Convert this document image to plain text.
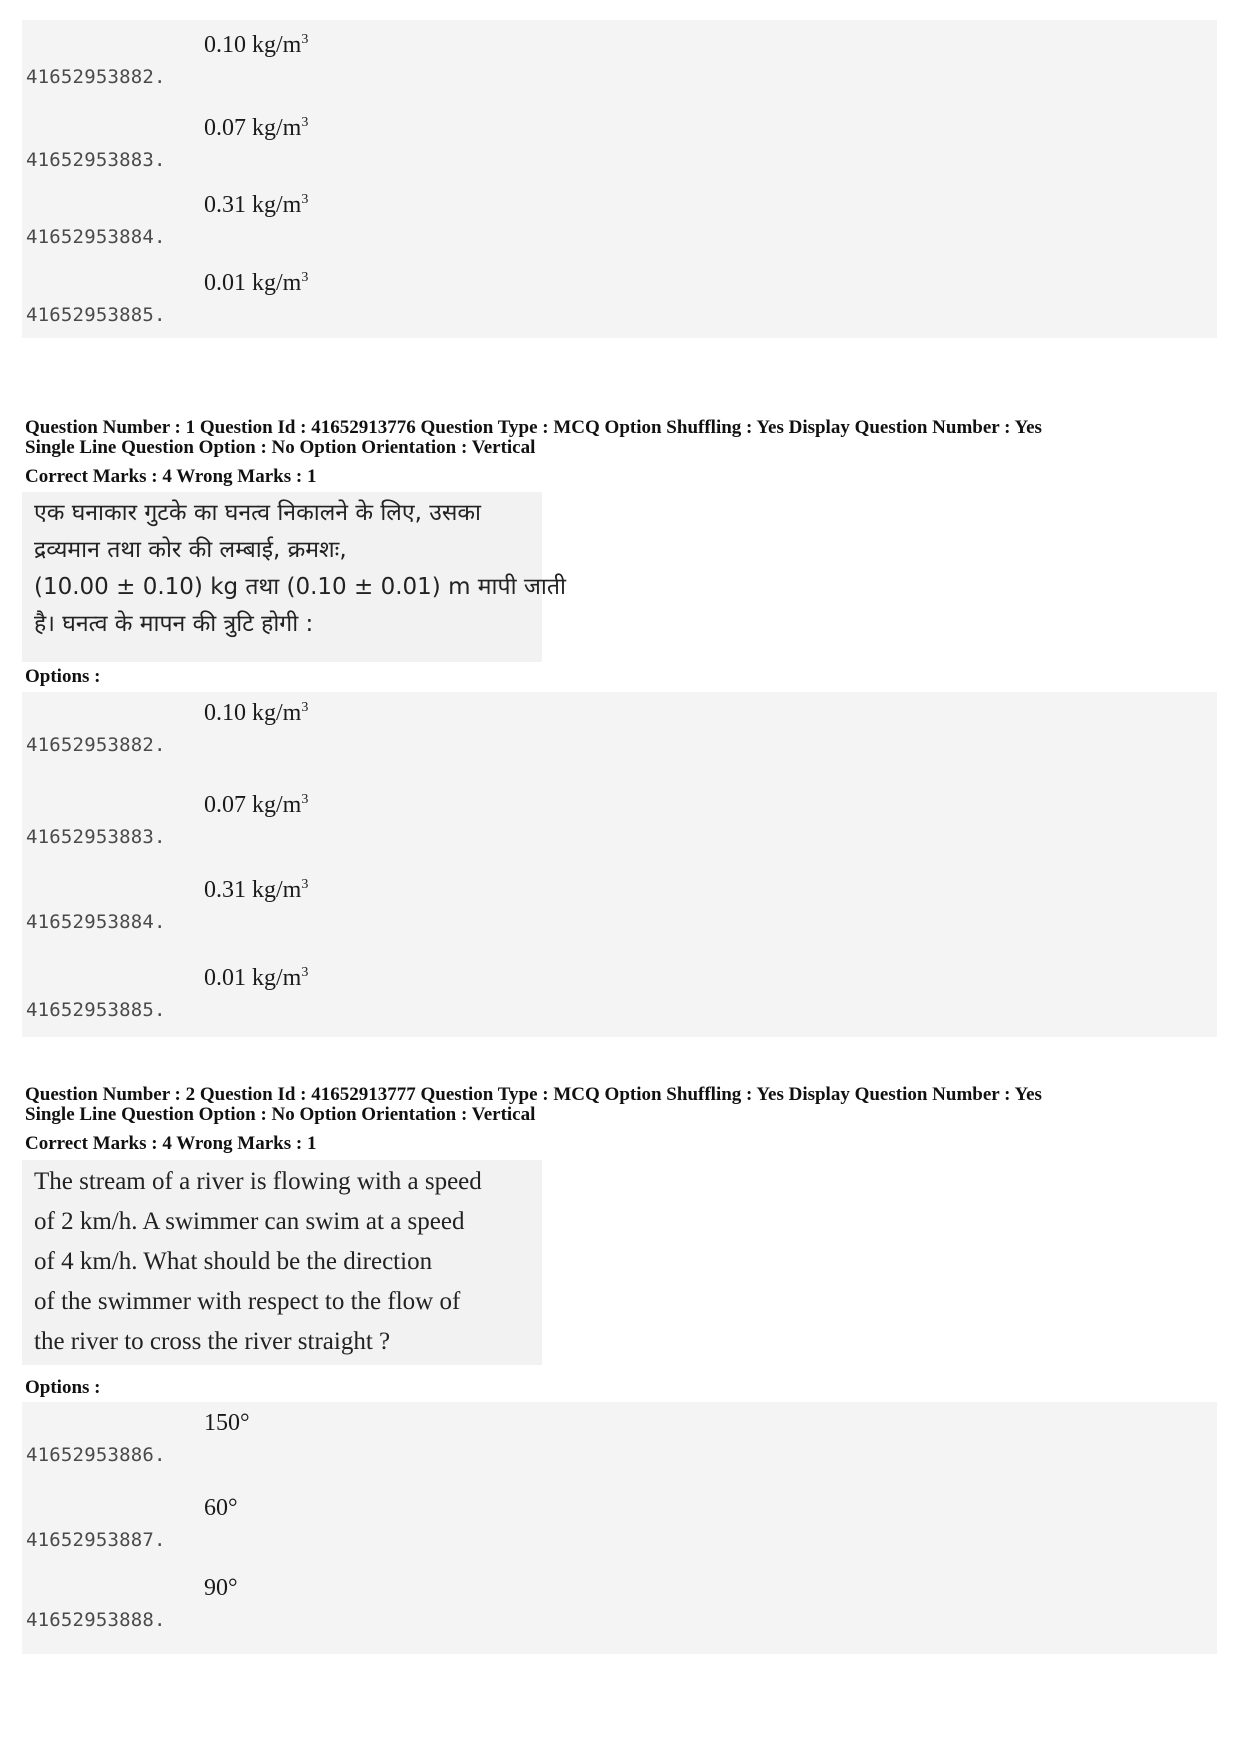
41652953882.
0.10 $kg/m^3$
41652953883.
0.07 $kg/m^3$
41652953884.
0.31 $kg/m^3$
41652953885.
0.01 $kg/m^3$
Question Number : 1 Question Id : 41652913776 Question Type : MCQ Option Shuffling : Yes Display Question Number : Yes
Single Line Question Option : No Option Orientation : Vertical
Correct Marks : 4 Wrong Marks : 1

एक घनाकार गुटके का घनत्व निकालने के लिए, उसका

द्रव्यमान तथा कोर की लम्बाई, क्रमशः,

(10.00 ± 0.10) kg तथा (0.10 ± 0.01) m मापी जाती

है। घनत्व के मापन की त्रुटि होगी :

Options :
41652953882.
0.10 $kg/m^3$
41652953883.
0.07 $kg/m^3$
41652953884.
0.31 $kg/m^3$
41652953885.
0.01 $kg/m^3$
Question Number : 2 Question Id : 41652913777 Question Type : MCQ Option Shuffling : Yes Display Question Number : Yes
Single Line Question Option : No Option Orientation : Vertical
Correct Marks : 4 Wrong Marks : 1

The stream of a river is flowing with a speed

of 2 km/h. A swimmer can swim at a speed

of 4 km/h. What should be the direction

of the swimmer with respect to the flow of

the river to cross the river straight ?

Options :
41652953886.
150°
41652953887.
60°
41652953888.
90°
